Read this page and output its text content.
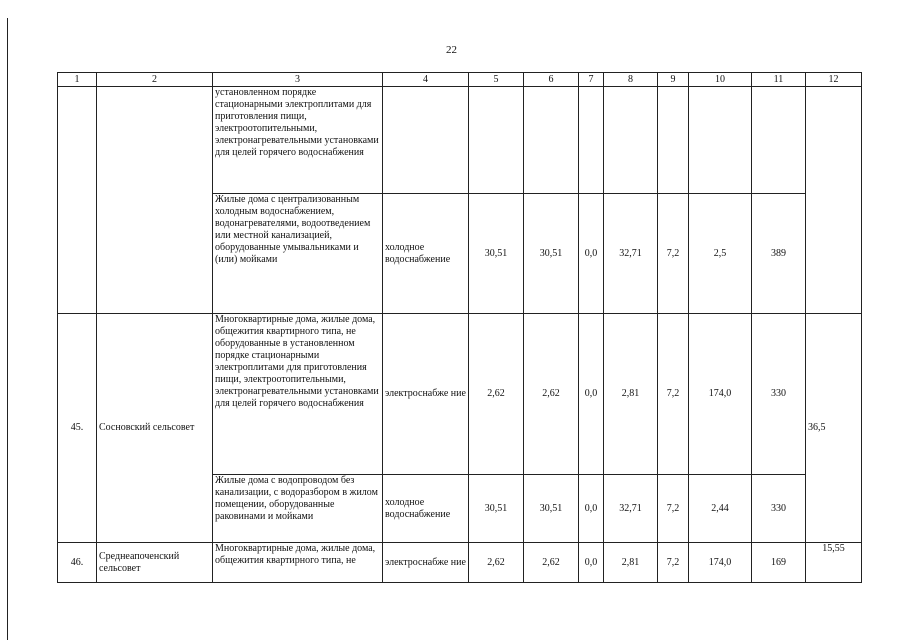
22
1	2	3	4	5	6	7	8	9	10	11	12
		установленном порядке стационарными электроплитами для приготовления пищи, электроотопительными, электронагревательными установками для целей горячего водоснабжения									
		Жилые дома с централизованным холодным водоснабжением, водонагревателями, водоотведением или местной канализацией, оборудованные умывальниками и (или) мойками	холодное водоснабжение	30,51	30,51	0,0	32,71	7,2	2,5	389	
45.	Сосновский сельсовет	Многоквартирные дома, жилые дома, общежития квартирного типа, не оборудованные в установленном порядке стационарными электроплитами для приготовления пищи, электроотопительными, электронагревательными установками для целей горячего водоснабжения	электроснабже ние	2,62	2,62	0,0	2,81	7,2	174,0	330	36,5
		Жилые дома с водопроводом без канализации, с водоразбором в жилом помещении, оборудованные раковинами и мойками	холодное водоснабжение	30,51	30,51	0,0	32,71	7,2	2,44	330	
46.	Среднеапоченский сельсовет	Многоквартирные дома, жилые дома, общежития квартирного типа, не	электроснабже ние	2,62	2,62	0,0	2,81	7,2	174,0	169	15,55
